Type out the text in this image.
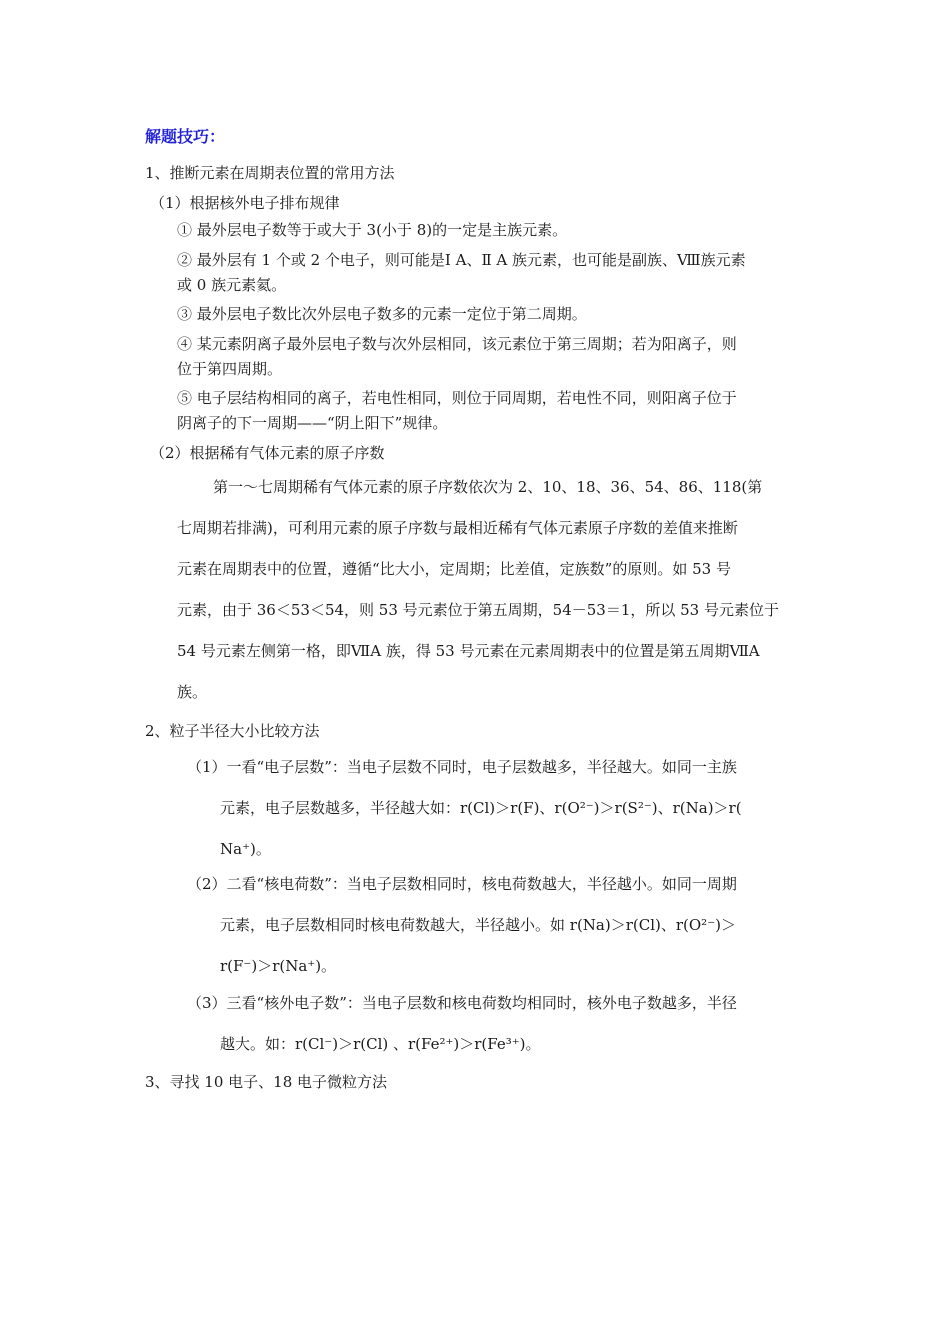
解题技巧：
1、推断元素在周期表位置的常用方法
（1）根据核外电子排布规律
① 最外层电子数等于或大于 3(小于 8)的一定是主族元素。
② 最外层有 1 个或 2 个电子，则可能是Ⅰ A、Ⅱ A 族元素，也可能是副族、Ⅷ族元素
或 0 族元素氦。
③ 最外层电子数比次外层电子数多的元素一定位于第二周期。
④ 某元素阴离子最外层电子数与次外层相同，该元素位于第三周期；若为阳离子，则
位于第四周期。
⑤ 电子层结构相同的离子，若电性相同，则位于同周期，若电性不同，则阳离子位于
阴离子的下一周期——“阴上阳下”规律。
（2）根据稀有气体元素的原子序数
第一～七周期稀有气体元素的原子序数依次为 2、10、18、36、54、86、118(第
七周期若排满)，可利用元素的原子序数与最相近稀有气体元素原子序数的差值来推断
元素在周期表中的位置，遵循“比大小，定周期；比差值，定族数”的原则。如 53 号
元素，由于 36＜53＜54，则 53 号元素位于第五周期，54－53＝1，所以 53 号元素位于
54 号元素左侧第一格，即ⅦA 族，得 53 号元素在元素周期表中的位置是第五周期ⅦA
族。
2、粒子半径大小比较方法
（1）一看“电子层数”：当电子层数不同时，电子层数越多，半径越大。如同一主族
元素，电子层数越多，半径越大如：r(Cl)＞r(F)、r(O²⁻)＞r(S²⁻)、r(Na)＞r(
Na⁺)。
（2）二看“核电荷数”：当电子层数相同时，核电荷数越大，半径越小。如同一周期
元素，电子层数相同时核电荷数越大，半径越小。如 r(Na)＞r(Cl)、r(O²⁻)＞
r(F⁻)＞r(Na⁺)。
（3）三看“核外电子数”：当电子层数和核电荷数均相同时，核外电子数越多，半径
越大。如：r(Cl⁻)＞r(Cl) 、r(Fe²⁺)＞r(Fe³⁺)。
3、寻找 10 电子、18 电子微粒方法
